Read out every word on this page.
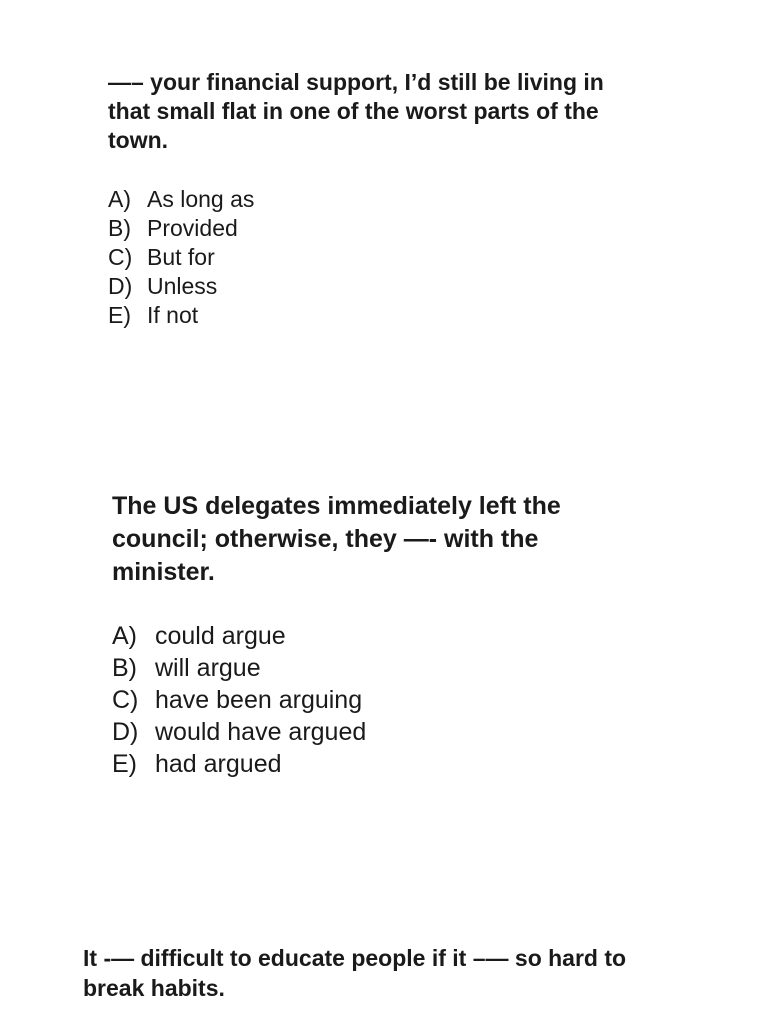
—– your financial support, I’d still be living in that small flat in one of the worst parts of the town.

A) As long as
B) Provided
C) But for
D) Unless
E) If not

The US delegates immediately left the council; otherwise, they —- with the minister.

A) could argue
B) will argue
C) have been arguing
D) would have argued
E) had argued

It -— difficult to educate people if it –— so hard to break habits.
